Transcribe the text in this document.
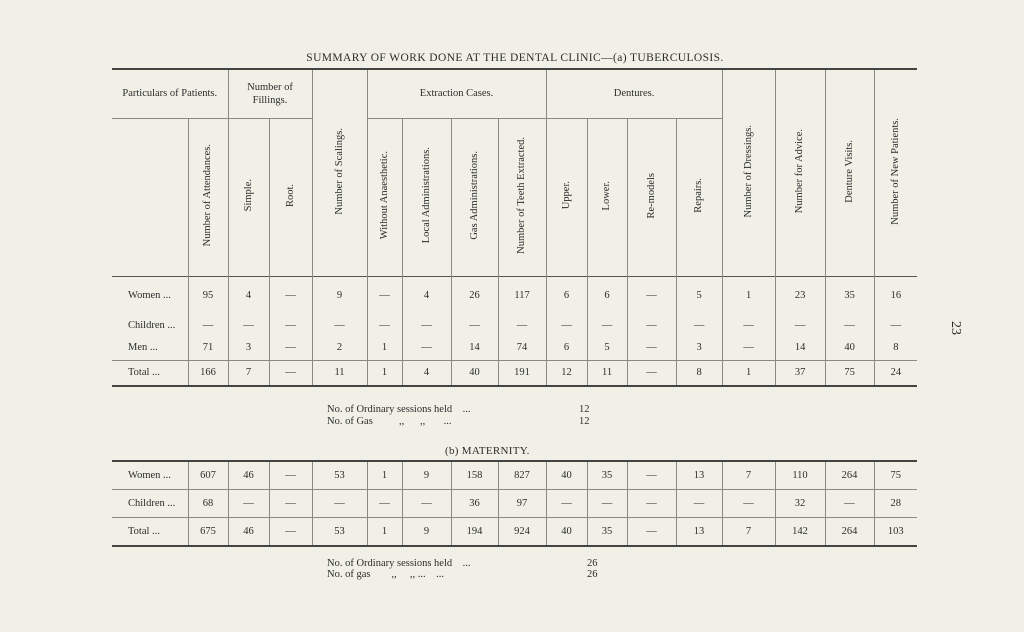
SUMMARY OF WORK DONE AT THE DENTAL CLINIC—(a) TUBERCULOSIS.
23
Particulars of Patients.		Number of Fillings.		Number of Scalings.	Extraction Cases.				Dentures.				Number of Dressings.	Number for Advice.	Denture Visits.	Number of New Patients.
	Number of Attendances.	Simple.	Root.		Without Anaesthetic.	Local Administrations.	Gas Administrations.	Number of Teeth Extracted.	Upper.	Lower.	Re-models	Repairs.				
Women ...	95	4	—	9	—	4	26	117	6	6	—	5	1	23	35	16
Children ...	—	—	—	—	—	—	—	—	—	—	—	—	—	—	—	—
Men ...	71	3	—	2	1	—	14	74	6	5	—	3	—	14	40	8
Total ...	166	7	—	11	1	4	40	191	12	11	—	8	1	37	75	24
No. of Ordinary sessions held    ...	12
No. of Gas          ,,      ,,       ...	12
(b) MATERNITY.
Women ...	607	46	—	53	1	9	158	827	40	35	—	13	7	110	264	75
Children ...	68	—	—	—	—	—	36	97	—	—	—	—	—	32	—	28
Total ...	675	46	—	53	1	9	194	924	40	35	—	13	7	142	264	103
No. of Ordinary sessions held    ...	26
No. of gas        ,,     ,, ...    ...	26
